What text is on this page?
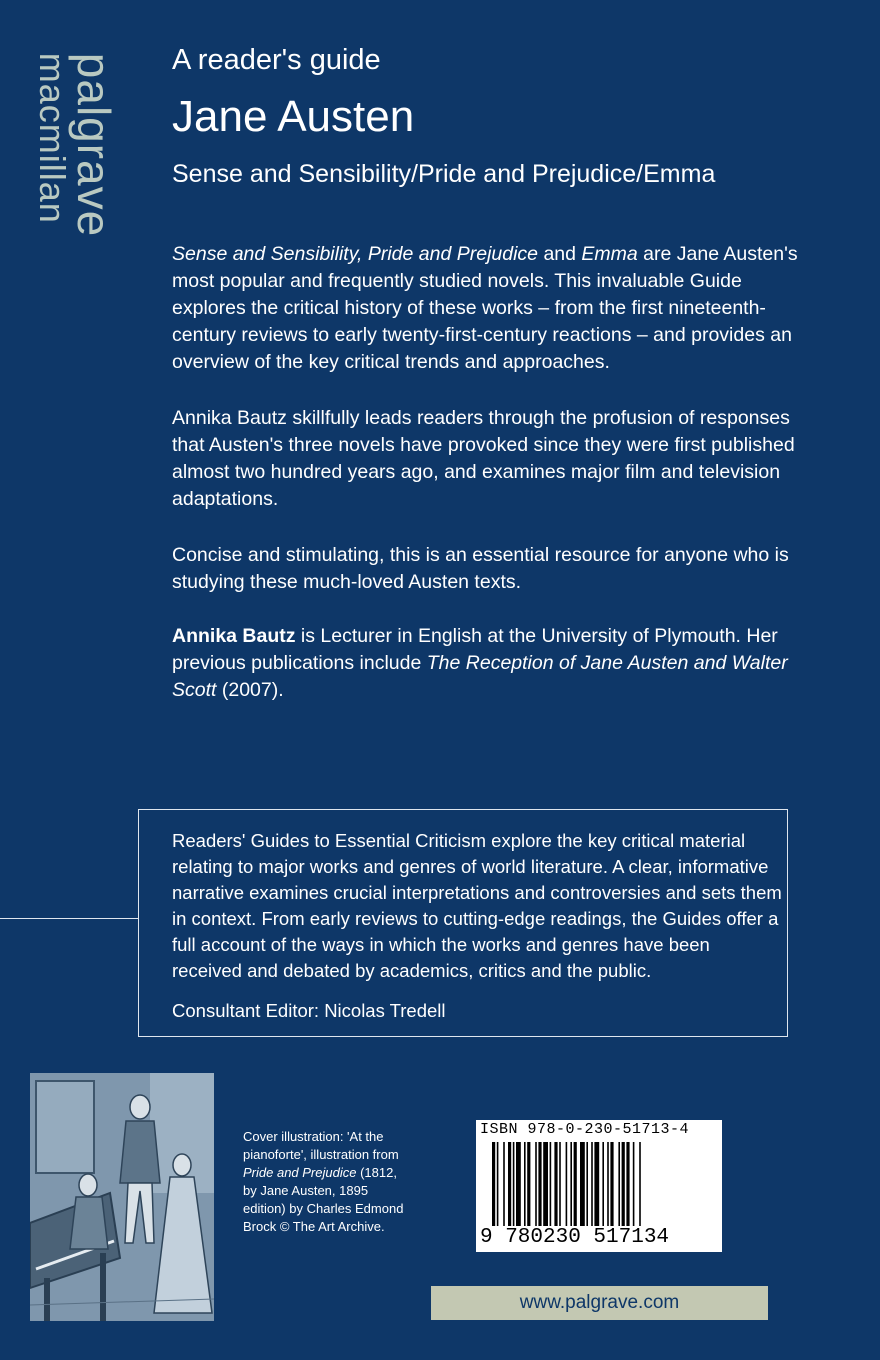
palgrave
macmillan	A reader's guide

Jane Austen

Sense and Sensibility/Pride and Prejudice/Emma

Sense and Sensibility, Pride and Prejudice and Emma are Jane Austen's most popular and frequently studied novels. This invaluable Guide explores the critical history of these works – from the first nineteenth-century reviews to early twenty-first-century reactions – and provides an overview of the key critical trends and approaches.

Annika Bautz skillfully leads readers through the profusion of responses that Austen's three novels have provoked since they were first published almost two hundred years ago, and examines major film and television adaptations.

Concise and stimulating, this is an essential resource for anyone who is studying these much-loved Austen texts.

Annika Bautz is Lecturer in English at the University of Plymouth. Her previous publications include The Reception of Jane Austen and Walter Scott (2007).

Readers' Guides to Essential Criticism explore the key critical material relating to major works and genres of world literature. A clear, informative narrative examines crucial interpretations and controversies and sets them in context. From early reviews to cutting-edge readings, the Guides offer a full account of the ways in which the works and genres have been received and debated by academics, critics and the public.

Consultant Editor: Nicolas Tredell

Cover illustration: 'At the pianoforte', illustration from Pride and Prejudice (1812, by Jane Austen, 1895 edition) by Charles Edmond Brock © The Art Archive.

ISBN 978-0-230-51713-4
9 780230 517134
www.palgrave.com
